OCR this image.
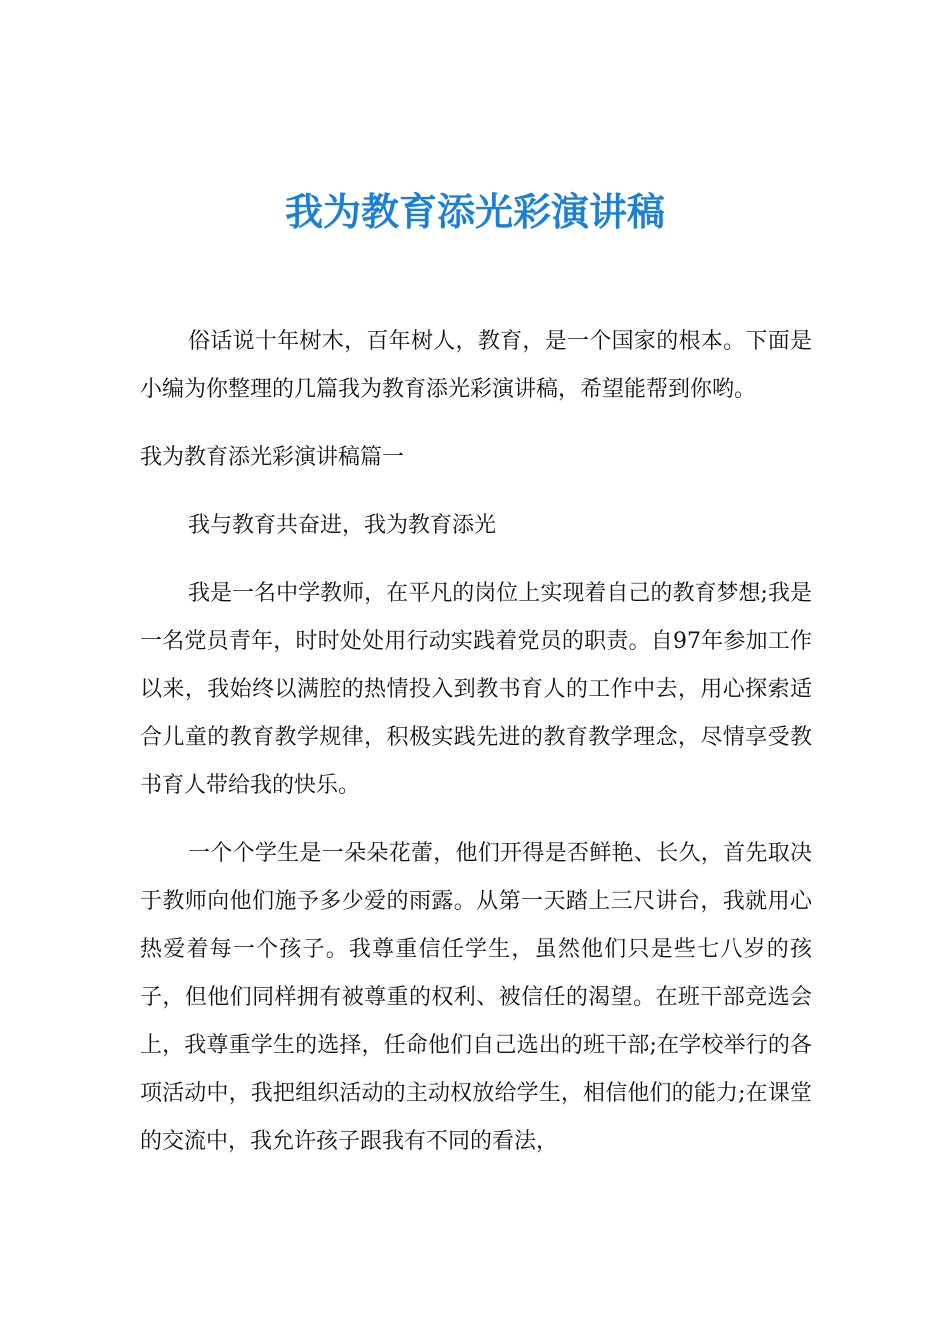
我为教育添光彩演讲稿

俗话说十年树木，百年树人，教育，是一个国家的根本。下面是小编为你整理的几篇我为教育添光彩演讲稿，希望能帮到你哟。

我为教育添光彩演讲稿篇一

我与教育共奋进，我为教育添光

我是一名中学教师，在平凡的岗位上实现着自己的教育梦想;我是一名党员青年，时时处处用行动实践着党员的职责。自97年参加工作以来，我始终以满腔的热情投入到教书育人的工作中去，用心探索适合儿童的教育教学规律，积极实践先进的教育教学理念，尽情享受教书育人带给我的快乐。

一个个学生是一朵朵花蕾，他们开得是否鲜艳、长久，首先取决于教师向他们施予多少爱的雨露。从第一天踏上三尺讲台，我就用心热爱着每一个孩子。我尊重信任学生，虽然他们只是些七八岁的孩子，但他们同样拥有被尊重的权利、被信任的渴望。在班干部竞选会上，我尊重学生的选择，任命他们自己选出的班干部;在学校举行的各项活动中，我把组织活动的主动权放给学生，相信他们的能力;在课堂的交流中，我允许孩子跟我有不同的看法，
